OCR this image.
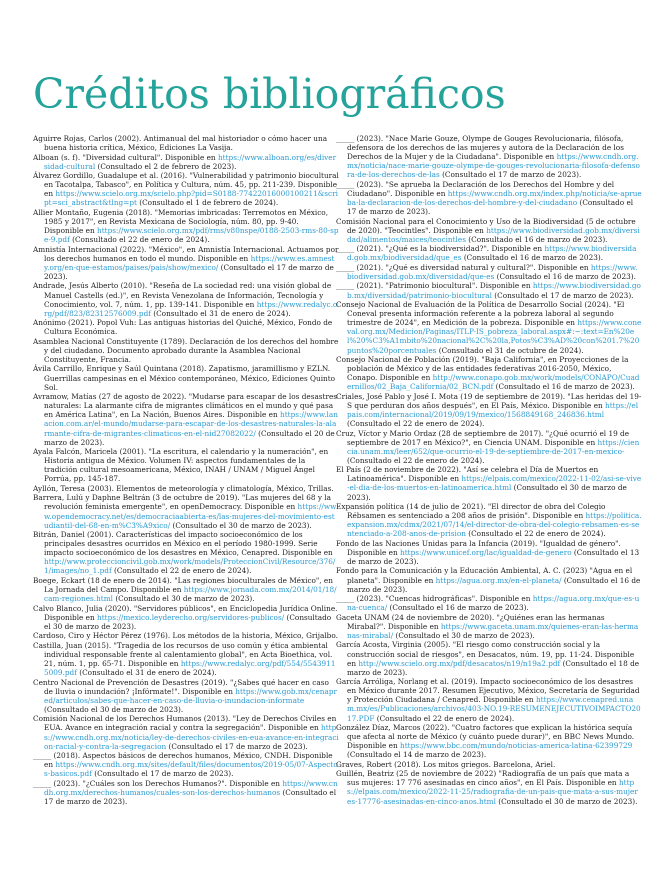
Créditos bibliográficos

Aguirre Rojas, Carlos (2002). Antimanual del mal historiador o cómo hacer una buena historia crítica, México, Ediciones La Vasija.

Alboan (s. f). "Diversidad cultural". Disponible en https://www.alboan.org/es/diversidad-cultural (Consultado el 2 de febrero de 2023).

Álvarez Gordillo, Guadalupe et al. (2016). "Vulnerabilidad y patrimonio biocultural en Tacotalpa, Tabasco", en Política y Cultura, núm. 45, pp. 211-239. Disponible en https://www.scielo.org.mx/scielo.php?pid=S0188-77422016000100211&script=sci_abstract&tlng=pt (Consultado el 1 de febrero de 2024).

Allier Montaño, Eugenia (2018). "Memorias imbricadas: Terremotos en México, 1985 y 2017", en Revista Mexicana de Sociología, núm. 80, pp. 9-40. Disponible en https://www.scielo.org.mx/pdf/rms/v80nspe/0188-2503-rms-80-spe-9.pdf (Consultado el 22 de enero de 2024).

Amnistía Internacional (2022). "México", en Amnistía Internacional. Actuamos por los derechos humanos en todo el mundo. Disponible en https://www.es.amnesty.org/en-que-estamos/paises/pais/show/mexico/ (Consultado el 17 de marzo de 2023).

Andrade, Jesús Alberto (2010). "Reseña de La sociedad red: una visión global de Manuel Castells (ed.)", en Revista Venezolana de Información, Tecnología y Conocimiento, vol. 7, núm. 1, pp. 139-141. Disponible en https://www.redalyc.org/pdf/823/82312576009.pdf (Consultado el 31 de enero de 2024).

Anónimo (2021). Popol Vuh: Las antiguas historias del Quiché, México, Fondo de Cultura Económica.

Asamblea Nacional Constituyente (1789). Declaración de los derechos del hombre y del ciudadano. Documento aprobado durante la Asamblea Nacional Constituyente, Francia.

Ávila Carrillo, Enrique y Saúl Quintana (2018). Zapatismo, jaramillismo y EZLN. Guerrillas campesinas en el México contemporáneo, México, Ediciones Quinto Sol.

Avramow, Matías (27 de agosto de 2022). "Mudarse para escapar de los desastres naturales: La alarmante cifra de migrantes climáticos en el mundo y qué pasa en América Latina", en La Nación, Buenos Aires. Disponible en https://www.lanacion.com.ar/el-mundo/mudarse-para-escapar-de-los-desastres-naturales-la-alarmante-cifra-de-migrantes-climaticos-en-el-nid27082022/ (Consultado el 20 de marzo de 2023).

Ayala Falcón, Maricela (2001). "La escritura, el calendario y la numeración", en Historia antigua de México. Volumen IV: aspectos fundamentales de la tradición cultural mesoamericana, México, INAH / UNAM / Miguel Ángel Porrúa, pp. 145-187.

Ayllón, Teresa (2003). Elementos de meteorología y climatología, México, Trillas.

Barrera, Lulú y Daphne Beltrán (3 de octubre de 2019). "Las mujeres del 68 y la revolución feminista emergente", en openDemocracy. Disponible en https://www.opendemocracy.net/es/democraciaabierta-es/las-mujeres-del-movimiento-estudiantil-del-68-en-m%C3%A9xico/ (Consultado el 30 de marzo de 2023).

Bitrán, Daniel (2001). Características del impacto socioeconómico de los principales desastres ocurridos en México en el período 1980-1999. Serie impacto socioeconómico de los desastres en México, Cenapred. Disponible en http://www.proteccioncivil.gob.mx/work/models/ProteccionCivil/Resource/376/1/images/no_1.pdf (Consultado el 22 de enero de 2024).

Boege, Eckart (18 de enero de 2014). "Las regiones bioculturales de México", en La Jornada del Campo. Disponible en https://www.jornada.com.mx/2014/01/18/cam-regiones.html (Consultado el 30 de marzo de 2023).

Calvo Blanco, Julia (2020). "Servidores públicos", en Enciclopedia Jurídica Online. Disponible en https://mexico.leyderecho.org/servidores-publicos/ (Consultado el 30 de marzo de 2023).

Cardoso, Ciro y Héctor Pérez (1976). Los métodos de la historia, México, Grijalbo.

Castilla, Juan (2015). "Tragedia de los recursos de uso común y ética ambiental individual responsable frente al calentamiento global", en Acta Bioethica, vol. 21, núm. 1, pp. 65-71. Disponible en https://www.redalyc.org/pdf/554/55439115009.pdf (Consultado el 31 de enero de 2024).

Centro Nacional de Prevención de Desastres (2019). "¿Sabes qué hacer en caso de lluvia o inundación? ¡Infórmate!". Disponible en https://www.gob.mx/cenapred/articulos/sabes-que-hacer-en-caso-de-lluvia-o-inundacion-informate (Consultado el 30 de marzo de 2023).

Comisión Nacional de los Derechos Humanos (2013). "Ley de Derechos Civiles en EUA. Avance en integración racial y contra la segregación". Disponible en https://www.cndh.org.mx/noticia/ley-de-derechos-civiles-en-eua-avance-en-integracion-racial-y-contra-la-segregacion (Consultado el 17 de marzo de 2023).

_____ (2018). Aspectos básicos de derechos humanos, México, CNDH. Disponible en https://www.cndh.org.mx/sites/default/files/documentos/2019-05/07-Aspectos-basicos.pdf (Consultado el 17 de marzo de 2023).

_____ (2023). "¿Cuáles son los Derechos Humanos?". Disponible en https://www.cndh.org.mx/derechos-humanos/cuales-son-los-derechos-humanos (Consultado el 17 de marzo de 2023).

_____ (2023). "Nace Marie Gouze, Olympe de Gouges Revolucionaria, filósofa, defensora de los derechos de las mujeres y autora de la Declaración de los Derechos de la Mujer y de la Ciudadana". Disponible en https://www.cndh.org.mx/noticia/nace-marie-gouze-olympe-de-gouges-revolucionaria-filosofa-defensora-de-los-derechos-de-las (Consultado el 17 de marzo de 2023).

_____ (2023). "Se aprueba la Declaración de los Derechos del Hombre y del Ciudadano". Disponible en https://www.cndh.org.mx/index.php/noticia/se-aprueba-la-declaracion-de-los-derechos-del-hombre-y-del-ciudadano (Consultado el 17 de marzo de 2023).

Comisión Nacional para el Conocimiento y Uso de la Biodiversidad (5 de octubre de 2020). "Teocintles". Disponible en https://www.biodiversidad.gob.mx/diversidad/alimentos/maices/teocintles (Consultado el 16 de marzo de 2023).

_____ (2021). "¿Qué es la biodiversidad?". Disponible en https://www.biodiversidad.gob.mx/biodiversidad/que_es (Consultado el 16 de marzo de 2023).

_____ (2021). "¿Qué es diversidad natural y cultural?". Disponible en https://www.biodiversidad.gob.mx/diversidad/que-es (Consultado el 16 de marzo de 2023).

_____ (2021). "Patrimonio biocultural". Disponible en https://www.biodiversidad.gob.mx/diversidad/patrimonio-biocultural (Consultado el 17 de marzo de 2023).

Consejo Nacional de Evaluación de la Política de Desarrollo Social (2024). "El Coneval presenta información referente a la pobreza laboral al segundo trimestre de 2024", en Medición de la pobreza. Disponible en https://www.coneval.org.mx/Medicion/Paginas/ITLP-IS_pobreza_laboral.aspx#:~:text=En%20el%20%C3%A1mbito%20nacional%2C%20la,Potos%C3%AD%20con%201.7%20puntos%20porcentuales (Consultado el 31 de octubre de 2024).

Consejo Nacional de Población (2019). "Baja California", en Proyecciones de la población de México y de las entidades federativas 2016-2050, México, Conapo. Disponible en http://www.conapo.gob.mx/work/models/CONAPO/Cuadernillos/02_Baja_California/02_BCN.pdf (Consultado el 16 de marzo de 2023).

Criales, José Pablo y José I. Mota (19 de septiembre de 2019). "Las heridas del 19-S que perduran dos años después", en El País, México. Disponible en https://elpais.com/internacional/2019/09/19/mexico/1568849168_246836.html (Consultado el 22 de enero de 2024).

Cruz, Víctor y Mario Ordaz (28 de septiembre de 2017). "¿Qué ocurrió el 19 de septiembre de 2017 en México?", en Ciencia UNAM. Disponible en https://ciencia.unam.mx/leer/652/que-ocurrio-el-19-de-septiembre-de-2017-en-mexico- (Consultado el 22 de enero de 2024).

El País (2 de noviembre de 2022). "Así se celebra el Día de Muertos en Latinoamérica". Disponible en https://elpais.com/mexico/2022-11-02/asi-se-vive-el-dia-de-los-muertos-en-latinoamerica.html (Consultado el 30 de marzo de 2023).

Expansión política (14 de julio de 2021). "El director de obra del Colegio Rébsamen es sentenciado a 208 años de prisión". Disponible en https://politica.expansion.mx/cdmx/2021/07/14/el-director-de-obra-del-colegio-rebsamen-es-sentenciado-a-208-anos-de-prision (Consultado el 22 de enero de 2024).

Fondo de las Naciones Unidas para la Infancia (2019). "Igualdad de género". Disponible en https://www.unicef.org/lac/igualdad-de-genero (Consultado el 13 de marzo de 2023).

Fondo para la Comunicación y la Educación Ambiental, A. C. (2023) "Agua en el planeta". Disponible en https://agua.org.mx/en-el-planeta/ (Consultado el 16 de marzo de 2023).

_____ (2023). "Cuencas hidrográficas". Disponible en https://agua.org.mx/que-es-una-cuenca/ (Consultado el 16 de marzo de 2023).

Gaceta UNAM (24 de noviembre de 2020). "¿Quiénes eran las hermanas Mirabal?". Disponible en https://www.gaceta.unam.mx/quienes-eran-las-hermanas-mirabal/ (Consultado el 30 de marzo de 2023).

García Acosta, Virginia (2005). "El riesgo como construcción social y la construcción social de riesgos", en Desacatos, núm. 19, pp. 11-24. Disponible en http://www.scielo.org.mx/pdf/desacatos/n19/n19a2.pdf (Consultado el 18 de marzo de 2023).

García Arróliga, Norlang et al. (2019). Impacto socioeconómico de los desastres en México durante 2017. Resumen Ejecutivo, México, Secretaría de Seguridad y Protección Ciudadana / Cenapred. Disponible en https://www.cenapred.unam.mx/es/Publicaciones/archivos/403-NO.19-RESUMENEJECUTIVOIMPACTO2017.PDF (Consultado el 22 de enero de 2024).

González Díaz, Marcos (2022). "Cuatro factores que explican la histórica sequía que afecta al norte de México (y cuánto puede durar)", en BBC News Mundo. Disponible en https://www.bbc.com/mundo/noticias-america-latina-62399729 (Consultado el 14 de marzo de 2023).

Graves, Robert (2018). Los mitos griegos. Barcelona, Ariel.

Guillén, Beatriz (25 de noviembre de 2022) "Radiografía de un país que mata a sus mujeres: 17 776 asesinadas en cinco años", en El País. Disponible en https://elpais.com/mexico/2022-11-25/radiografia-de-un-pais-que-mata-a-sus-mujeres-17776-asesinadas-en-cinco-anos.html (Consultado el 30 de marzo de 2023).
